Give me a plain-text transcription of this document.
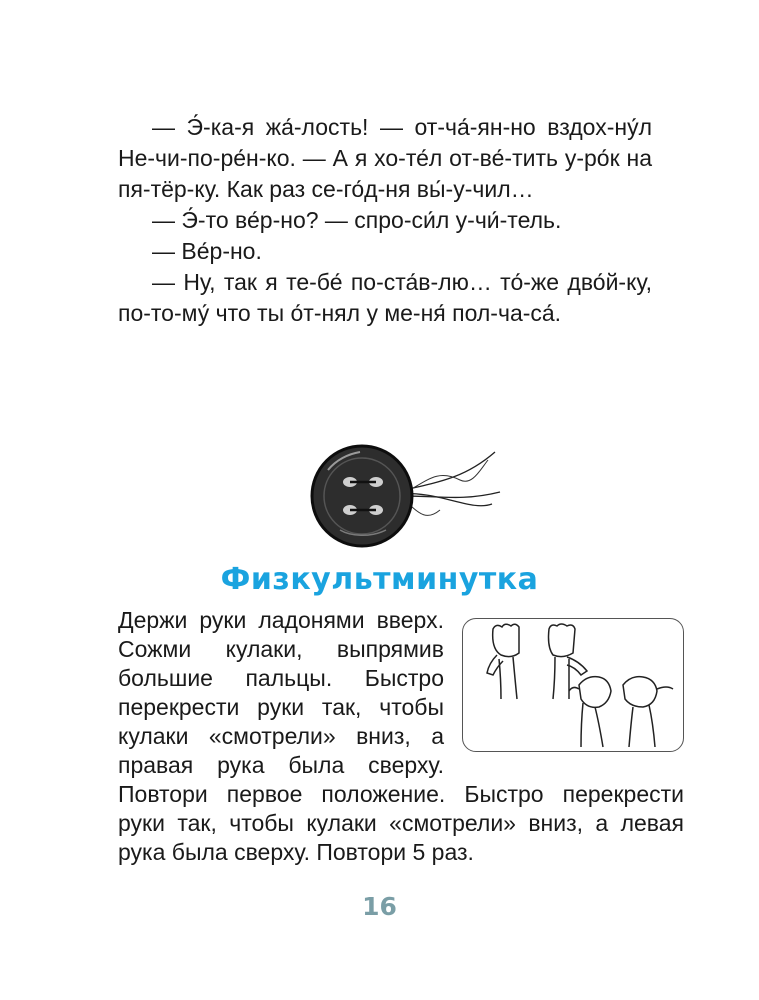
— Э́-ка-я жа́-лость! — от-ча́-ян-но вздох-ну́л Не-чи-по-ре́н-ко. — А я хо-те́л от-ве́-тить у-ро́к на пя-тёр-ку. Как раз се-го́д-ня вы́-у-чил…

— Э́-то ве́р-но? — спро-си́л у-чи́-тель.

— Ве́р-но.

— Ну, так я те-бе́ по-ста́в-лю… то́-же дво́й-ку, по-то-му́ что ты о́т-нял у ме-ня́ пол-ча-са́.

Физкультминутка

Держи руки ладонями вверх. Сожми кулаки, выпрямив большие пальцы. Быстро перекрести руки так, чтобы кулаки «смотрели» вниз, а правая рука была сверху. Повтори первое положение. Быстро перекрести руки так, чтобы кулаки «смотрели» вниз, а левая рука была сверху. Повтори 5 раз.

16
